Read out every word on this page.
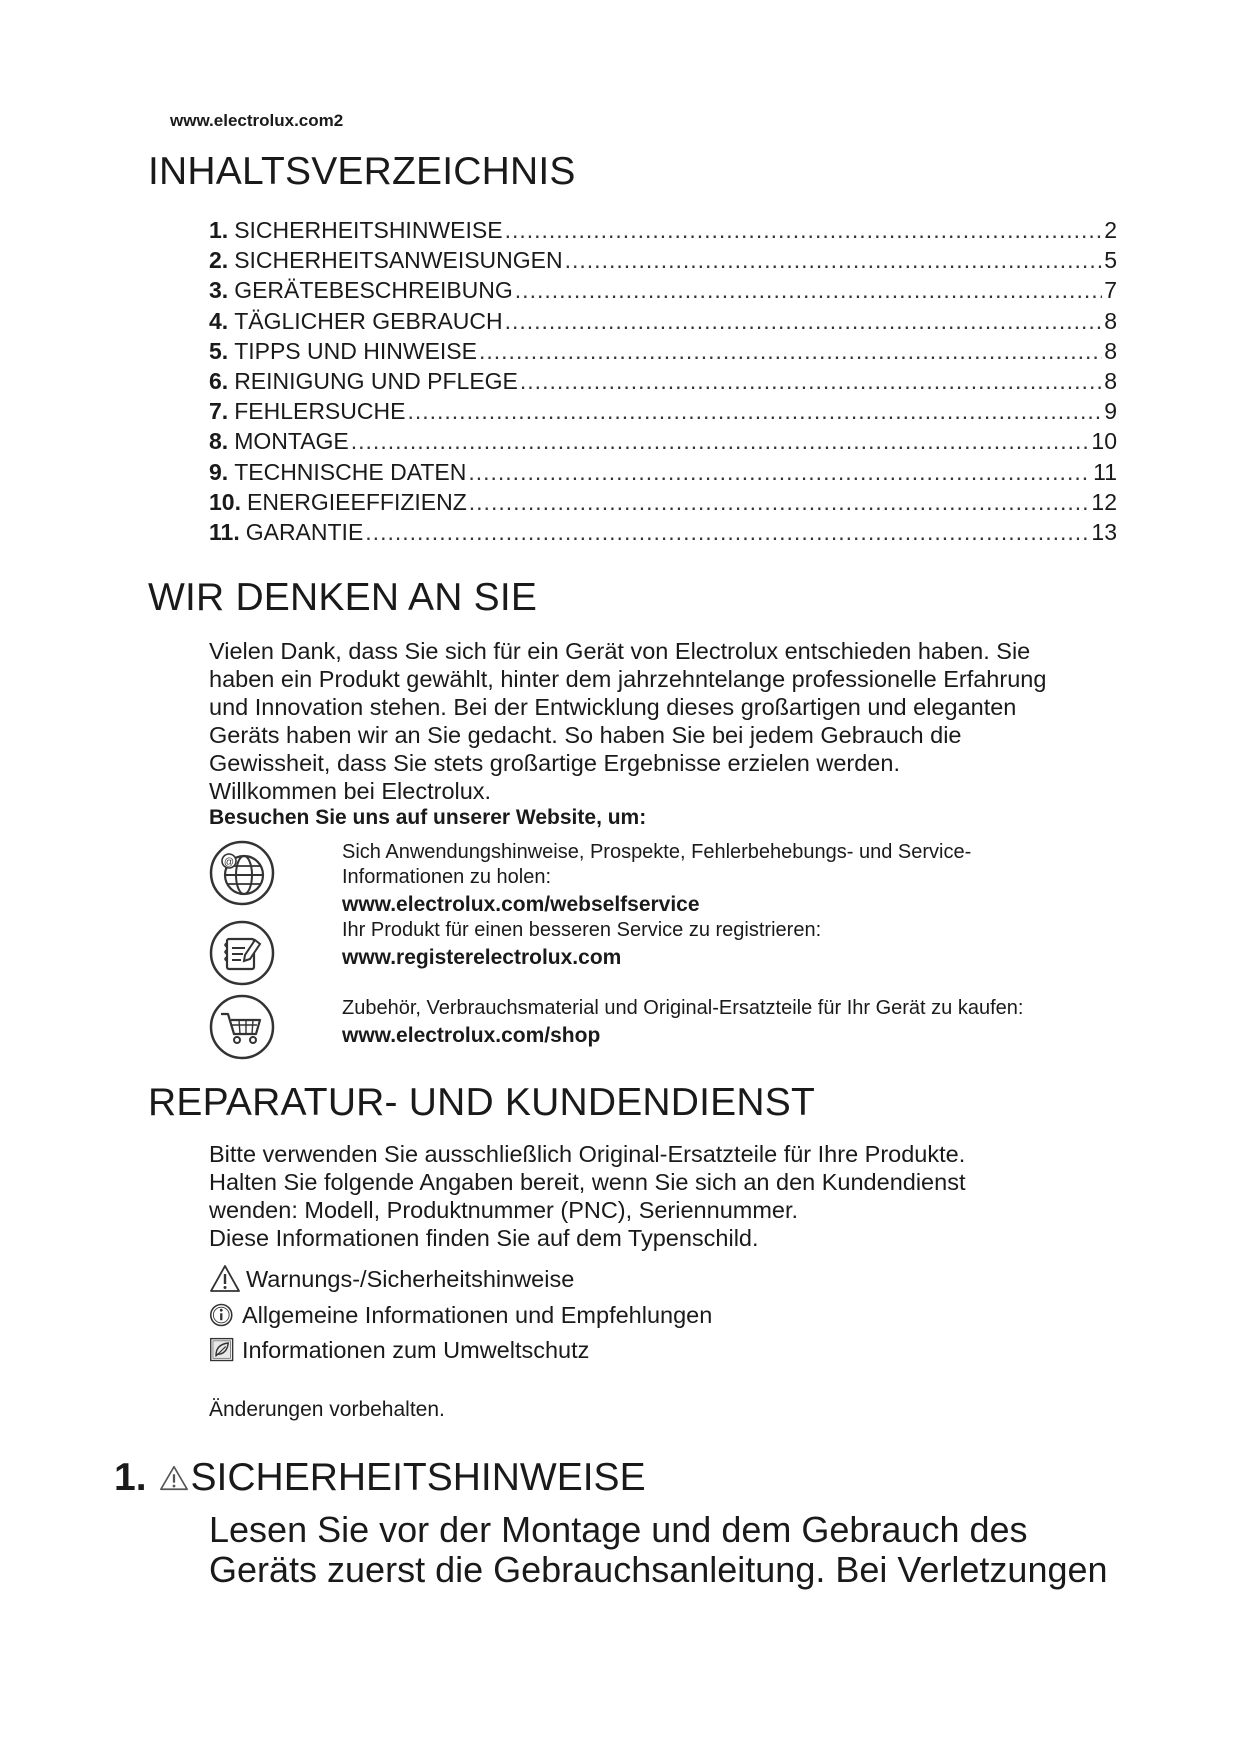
www.electrolux.com2
INHALTSVERZEICHNIS
1. SICHERHEITSHINWEISE .....	2
2. SICHERHEITSANWEISUNGEN .....	5
3. GERÄTEBESCHREIBUNG .....	7
4. TÄGLICHER GEBRAUCH .....	8
5. TIPPS UND HINWEISE .....	8
6. REINIGUNG UND PFLEGE .....	8
7. FEHLERSUCHE .....	9
8. MONTAGE .....	10
9. TECHNISCHE DATEN .....	11
10. ENERGIEEFFIZIENZ .....	12
11. GARANTIE .....	13
WIR DENKEN AN SIE
Vielen Dank, dass Sie sich für ein Gerät von Electrolux entschieden haben. Sie
haben ein Produkt gewählt, hinter dem jahrzehntelange professionelle Erfahrung
und Innovation stehen. Bei der Entwicklung dieses großartigen und eleganten
Geräts haben wir an Sie gedacht. So haben Sie bei jedem Gebrauch die
Gewissheit, dass Sie stets großartige Ergebnisse erzielen werden.
Willkommen bei Electrolux.
Besuchen Sie uns auf unserer Website, um:
@	Sich Anwendungshinweise, Prospekte, Fehlerbehebungs- und Service-
Informationen zu holen:
www.electrolux.com/webselfservice
Ihr Produkt für einen besseren Service zu registrieren:
www.registerelectrolux.com
Zubehör, Verbrauchsmaterial und Original-Ersatzteile für Ihr Gerät zu kaufen:
www.electrolux.com/shop
REPARATUR- UND KUNDENDIENST
Bitte verwenden Sie ausschließlich Original-Ersatzteile für Ihre Produkte.
Halten Sie folgende Angaben bereit, wenn Sie sich an den Kundendienst
wenden: Modell, Produktnummer (PNC), Seriennummer.
Diese Informationen finden Sie auf dem Typenschild.
Warnungs-/Sicherheitshinweise
Allgemeine Informationen und Empfehlungen
Informationen zum Umweltschutz
Änderungen vorbehalten.
1. SICHERHEITSHINWEISE
Lesen Sie vor der Montage und dem Gebrauch des
Geräts zuerst die Gebrauchsanleitung. Bei Verletzungen
